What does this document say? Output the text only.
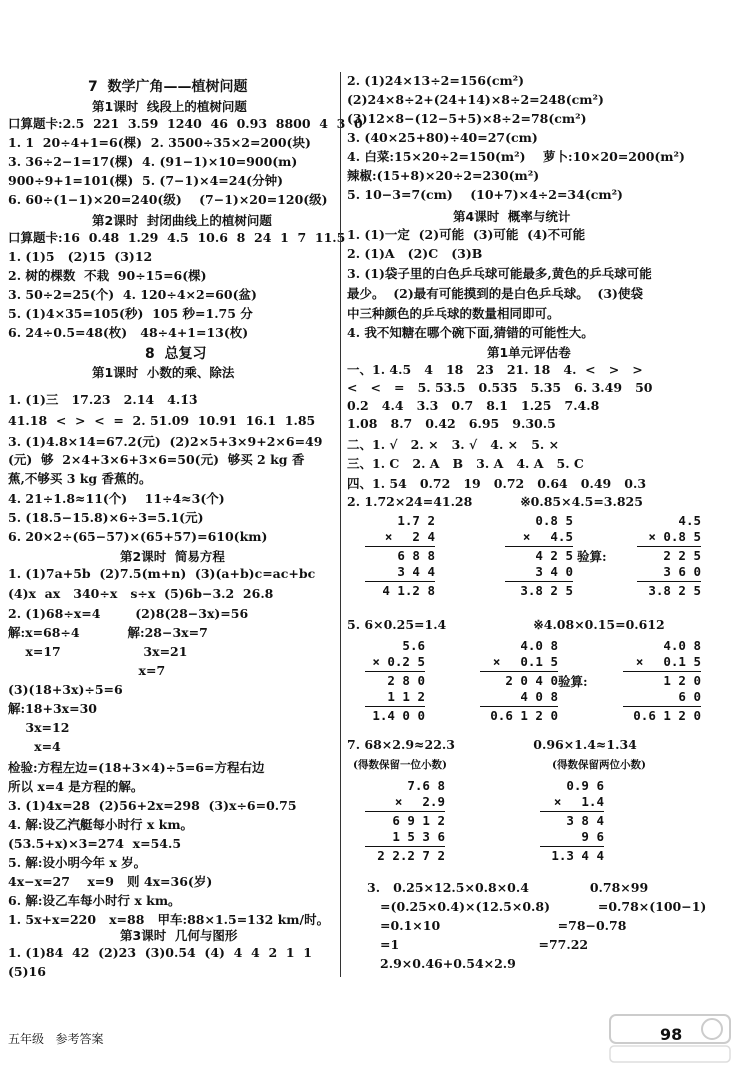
7  数学广角——植树问题
第1课时  线段上的植树问题
口算题卡:2.5  221  3.59  1240  46  0.93  8800  4  3  0
1. 1  20÷4+1=6(棵)  2. 3500÷35×2=200(块)
3. 36÷2−1=17(棵)  4. (91−1)×10=900(m)
900÷9+1=101(棵)  5. (7−1)×4=24(分钟)
6. 60÷(1−1)×20=240(级)    (7−1)×20=120(级)
第2课时  封闭曲线上的植树问题
口算题卡:16  0.48  1.29  4.5  10.6  8  24  1  7  11.5
1. (1)5   (2)15  (3)12
2. 树的棵数  不栽  90÷15=6(棵)
3. 50÷2=25(个)  4. 120÷4×2=60(盆)
5. (1)4×35=105(秒)  105 秒=1.75 分
6. 24÷0.5=48(枚)   48÷4+1=13(枚)
8  总复习
第1课时  小数的乘、除法
1. (1)三   17.23   2.14   4.1̇3̇
41.18  <  >  <  =  2. 51.09  10.91  16.1  1.85
3. (1)4.8×14=67.2(元)  (2)2×5+3×9+2×6=49
(元)  够  2×4+3×6+3×6=50(元)  够买 2 kg 香
蕉,不够买 3 kg 香蕉的。
4. 21÷1.8≈11(个)    11÷4≈3(个)
5. (18.5−15.8)×6÷3=5.1(元)
6. 20×2÷(65−57)×(65+57)=610(km)
第2课时  简易方程
1. (1)7a+5b  (2)7.5(m+n)  (3)(a+b)c=ac+bc
(4)x  ax   340÷x   s÷x  (5)6b−3.2  26.8
2. (1)68÷x=4        (2)8(28−3x)=56
解:x=68÷4           解:28−3x=7
x=17                   3x=21
x=7
(3)(18+3x)÷5=6
解:18+3x=30
3x=12
x=4
检验:方程左边=(18+3×4)÷5=6=方程右边
所以 x=4 是方程的解。
3. (1)4x=28  (2)56+2x=298  (3)x÷6=0.75
4. 解:设乙汽艇每小时行 x km。
(53.5+x)×3=274  x=54.5
5. 解:设小明今年 x 岁。
4x−x=27    x=9   则 4x=36(岁)
6. 解:设乙车每小时行 x km。
1. 5x+x=220   x=88   甲车:88×1.5=132 km/时。
第3课时  几何与图形
1. (1)84  42  (2)23  (3)0.54  (4)  4  4  2  1  1
(5)16
2. (1)24×13÷2=156(cm²)
(2)24×8÷2+(24+14)×8÷2=248(cm²)
(3)12×8−(12−5+5)×8÷2=78(cm²)
3. (40×25+80)÷40=27(cm)
4. 白菜:15×20÷2=150(m²)    萝卜:10×20=200(m²)
辣椒:(15+8)×20÷2=230(m²)
5. 10−3=7(cm)    (10+7)×4÷2=34(cm²)
第4课时  概率与统计
1. (1)一定  (2)可能  (3)可能  (4)不可能
2. (1)A   (2)C   (3)B
3. (1)袋子里的白色乒乓球可能最多,黄色的乒乓球可能
最少。  (2)最有可能摸到的是白色乒乓球。  (3)使袋
中三种颜色的乒乓球的数量相同即可。
4. 我不知糖在哪个碗下面,猜错的可能性大。
第1单元评估卷
一、1. 4.5   4   18   23   21. 18   4.  <   >   >
<   <   =   5. 53.5   0.535   5.35   6. 3.49   50
0.2   4.4   3.3   0.7   8.1   1.25   7.4.8
1.08   8.7   0.42   6.95   9.30.5
二、1. √   2. ×   3. √   4. ×   5. ×
三、1. C   2. A   B   3. A   4. A   5. C
四、1. 54   0.72   19   0.72   0.64   0.49   0.3
2. 1.72×24=41.28           ※0.85×4.5=3.825
1.7 2
× 　2 4
6 8 8
3 4 4
4 1.2 8
0.8 5
× 　4.5
4 2 5
3 4 0
3.8 2 5
验算:
4.5
× 0.8 5
2 2 5
3 6 0
3.8 2 5
5. 6×0.25=1.4                    ※4.08×0.15=0.612
5.6
× 0.2 5
2 8 0
1 1 2
1.4 0 0
4.0 8
× 　0.1 5
2 0 4 0
4 0 8
0.6 1 2 0
验算:
4.0 8
× 　0.1 5
1 2 0
6 0
0.6 1 2 0
7. 68×2.9≈22.3                  0.96×1.4≈1.34
(得数保留一位小数)	(得数保留两位小数)
7.6 8
× 　2.9
6 9 1 2
1 5 3 6
2 2.2 7 2
0.9 6
× 　1.4
3 8 4
9 6
1.3 4 4
3.   0.25×12.5×0.8×0.4              0.78×99
=(0.25×0.4)×(12.5×0.8)           =0.78×(100−1)
=0.1×10                           =78−0.78
=1                                =77.22
2.9×0.46+0.54×2.9
五年级   参考答案	98
